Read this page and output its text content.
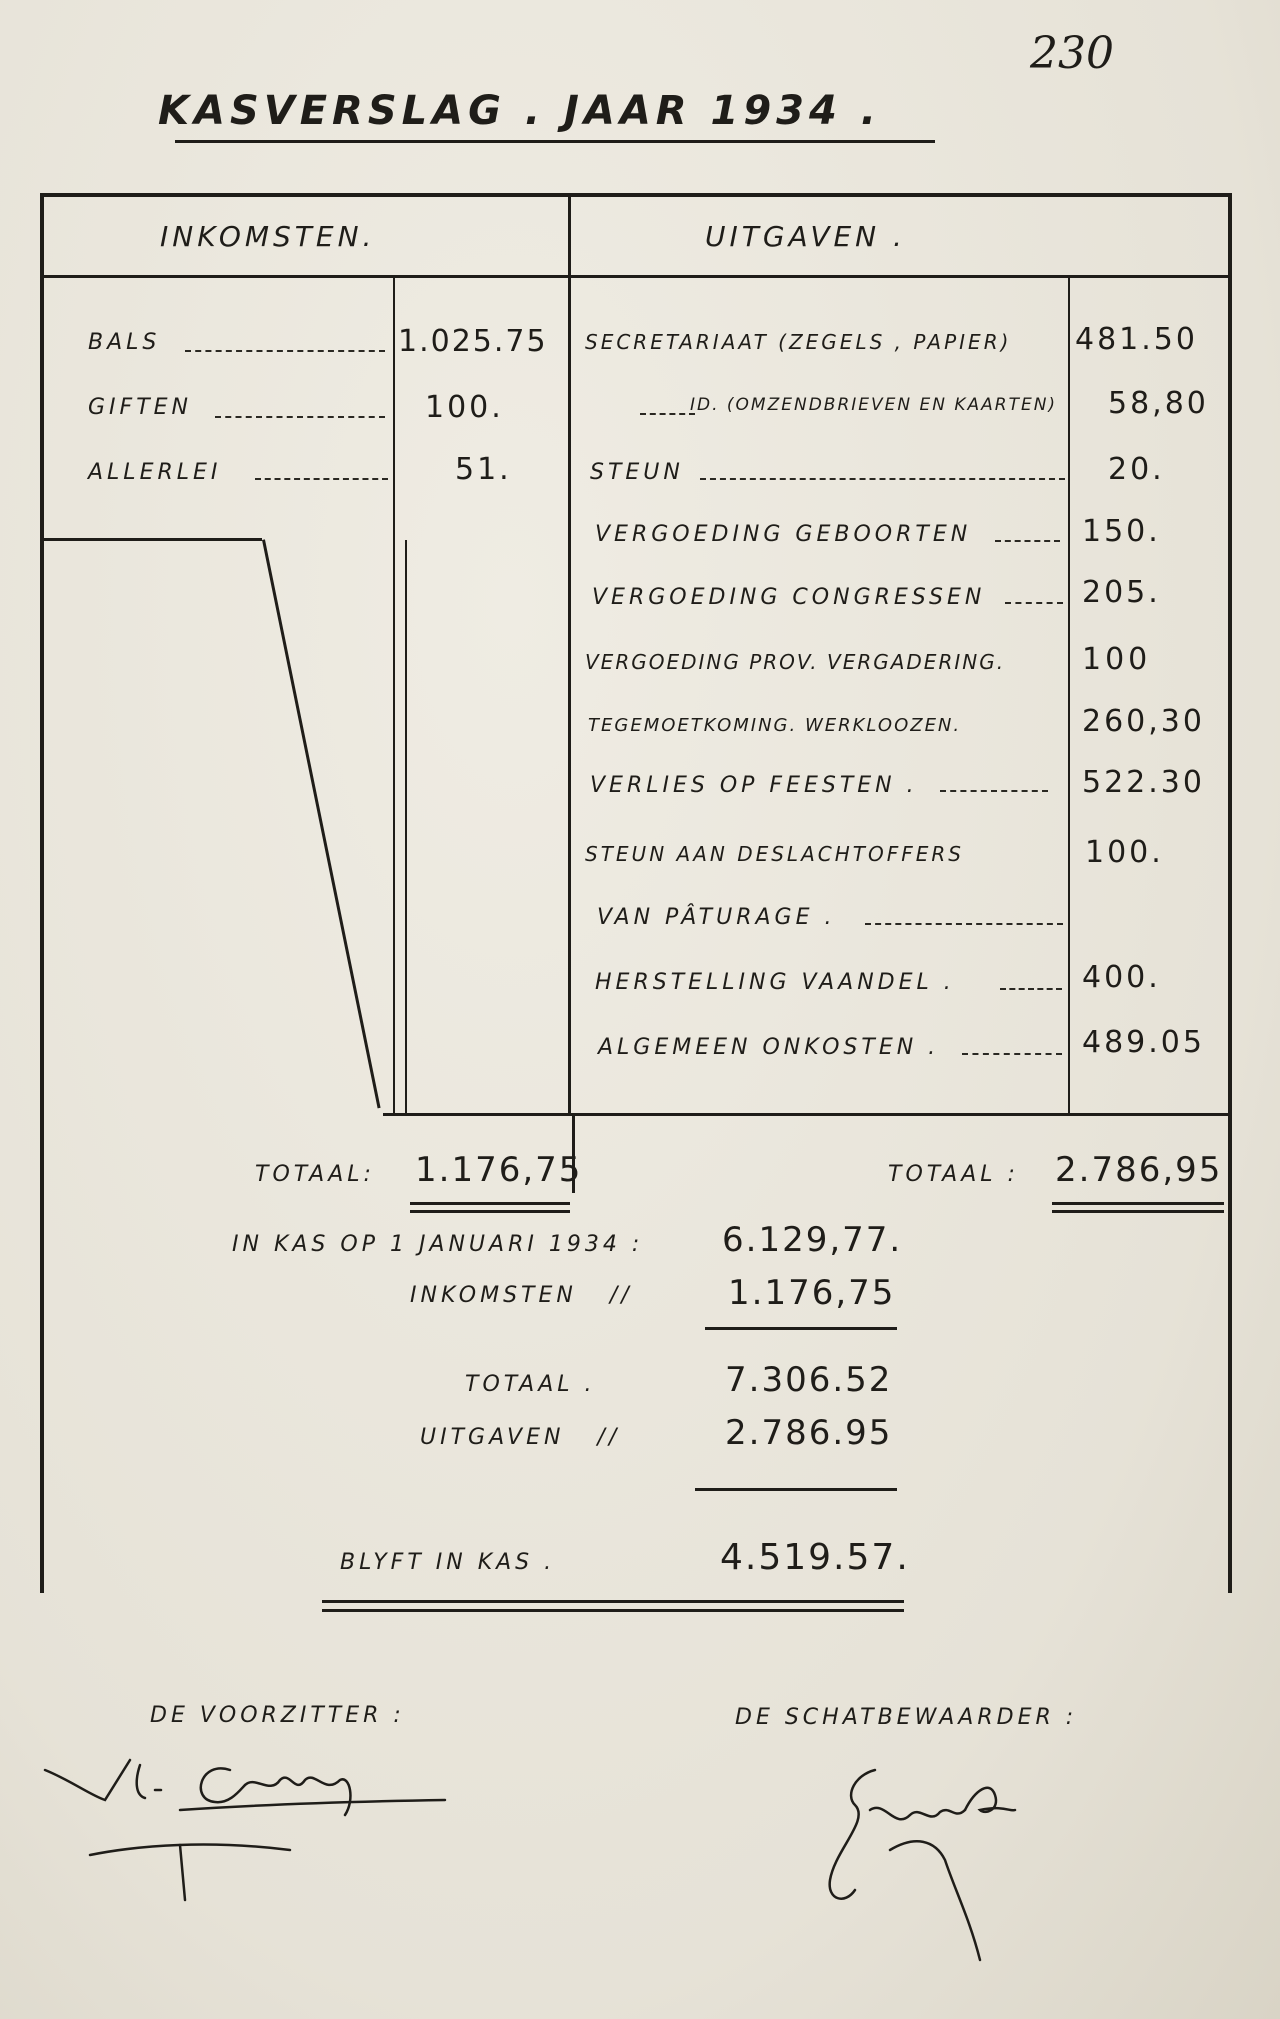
230
KASVERSLAG . JAAR 1934 .
INKOMSTEN.	UITGAVEN .
BALS	1.025.75
GIFTEN	100.
ALLERLEI	51.
SECRETARIAAT (ZEGELS , PAPIER) 481.50
ID. (OMZENDBRIEVEN EN KAARTEN) 58,80
STEUN	20.
VERGOEDING GEBOORTEN	150.
VERGOEDING CONGRESSEN	205.
VERGOEDING PROV. VERGADERING.	100
TEGEMOETKOMING. WERKLOOZEN.	260,30
VERLIES OP FEESTEN .	522.30
STEUN AAN DESLACHTOFFERS	100.
VAN PÂTURAGE .
HERSTELLING VAANDEL .	400.
ALGEMEEN ONKOSTEN .	489.05
TOTAAL: 1.176,75	TOTAAL : 2.786,95
IN KAS OP 1 JANUARI 1934 : 6.129,77.
INKOMSTEN   //	1.176,75
TOTAAL .	7.306.52
UITGAVEN   //	2.786.95
BLYFT IN KAS .	4.519.57.
DE VOORZITTER :	DE SCHATBEWAARDER :
